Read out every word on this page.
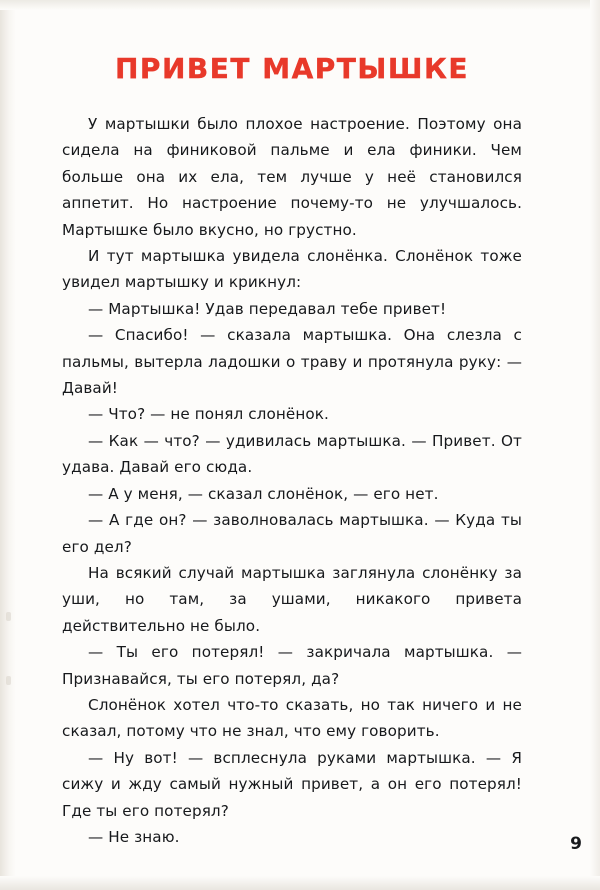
ПРИВЕТ МАРТЫШКЕ

У мартышки было плохое настроение. Поэтому она сидела на финиковой пальме и ела финики. Чем больше она их ела, тем лучше у неё становился аппетит. Но настроение почему-то не улучшалось. Мартышке было вкусно, но грустно.

И тут мартышка увидела слонёнка. Слонёнок тоже увидел мартышку и крикнул:

— Мартышка! Удав передавал тебе привет!

— Спасибо! — сказала мартышка. Она слезла с пальмы, вытерла ладошки о траву и протянула руку: — Давай!

— Что? — не понял слонёнок.

— Как — что? — удивилась мартышка. — Привет. От удава. Давай его сюда.

— А у меня, — сказал слонёнок, — его нет.

— А где он? — заволновалась мартышка. — Куда ты его дел?

На всякий случай мартышка заглянула слонёнку за уши, но там, за ушами, никакого привета действительно не было.

— Ты его потерял! — закричала мартышка. — Признавайся, ты его потерял, да?

Слонёнок хотел что-то сказать, но так ничего и не сказал, потому что не знал, что ему говорить.

— Ну вот! — всплеснула руками мартышка. — Я сижу и жду самый нужный привет, а он его потерял! Где ты его потерял?

— Не знаю.	9
